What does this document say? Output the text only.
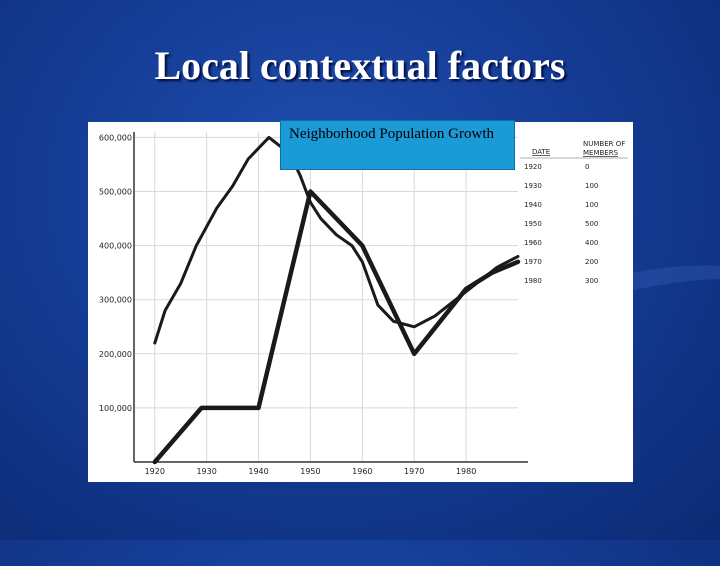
Local contextual factors
100,000
200,000
300,000
400,000
500,000
600,000
1920	1930	1940	1950	1960	1970	1980
DATE
NUMBER OF
MEMBERS
1920	0
1930	100
1940	100
1950	500
1960	400
1970	200
1980	300
Neighborhood Population Growth
